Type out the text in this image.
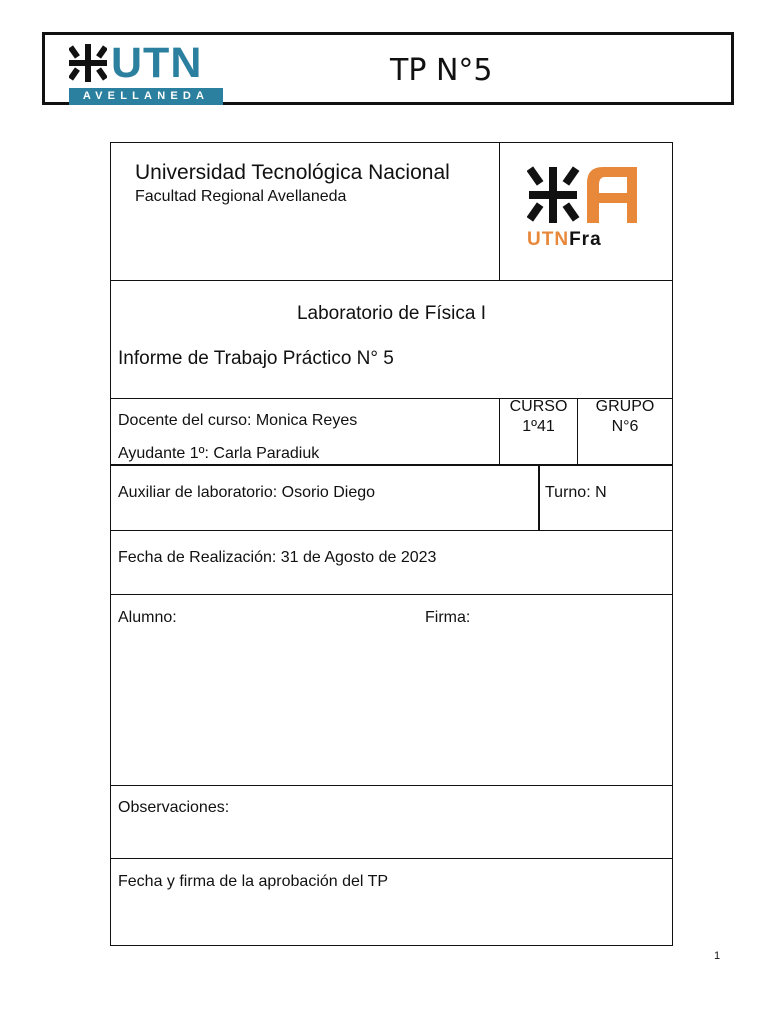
UTN
AVELLANEDA
TP N°5
Universidad Tecnológica Nacional
Facultad Regional Avellaneda
UTNFra
Laboratorio de Física I
Informe de Trabajo Práctico N° 5
Docente del curso: Monica Reyes
Ayudante 1º: Carla Paradiuk
CURSO
1º41
GRUPO
N°6
Auxiliar de laboratorio: Osorio Diego	Turno: N
Fecha de Realización: 31 de Agosto de 2023
Alumno:	Firma:
Observaciones:
Fecha y firma de la aprobación del TP
1
